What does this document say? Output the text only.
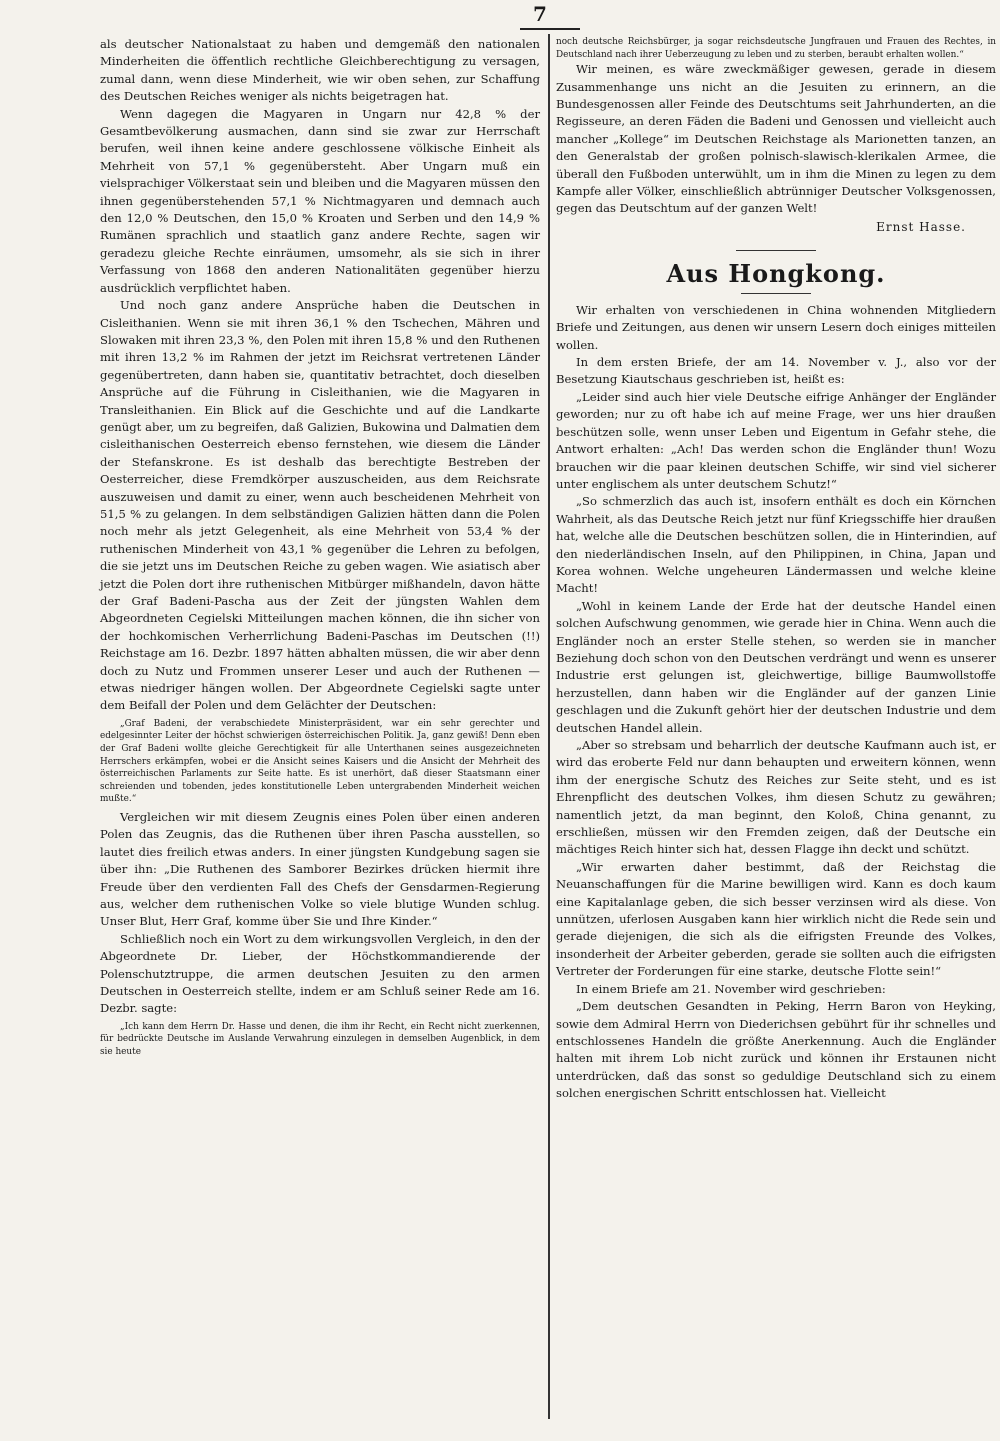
7

als deutscher Nationalstaat zu haben und demgemäß den nationalen Minderheiten die öffentlich rechtliche Gleichberechtigung zu versagen, zumal dann, wenn diese Minderheit, wie wir oben sehen, zur Schaffung des Deutschen Reiches weniger als nichts beigetragen hat.

Wenn dagegen die Magyaren in Ungarn nur 42,8 % der Gesamtbevölkerung ausmachen, dann sind sie zwar zur Herrschaft berufen, weil ihnen keine andere geschlossene völkische Einheit als Mehrheit von 57,1 % gegenübersteht. Aber Ungarn muß ein vielsprachiger Völkerstaat sein und bleiben und die Magyaren müssen den ihnen gegenüberstehenden 57,1 % Nichtmagyaren und demnach auch den 12,0 % Deutschen, den 15,0 % Kroaten und Serben und den 14,9 % Rumänen sprachlich und staatlich ganz andere Rechte, sagen wir geradezu gleiche Rechte einräumen, umsomehr, als sie sich in ihrer Verfassung von 1868 den anderen Nationalitäten gegenüber hierzu ausdrücklich verpflichtet haben.

Und noch ganz andere Ansprüche haben die Deutschen in Cisleithanien. Wenn sie mit ihren 36,1 % den Tschechen, Mähren und Slowaken mit ihren 23,3 %, den Polen mit ihren 15,8 % und den Ruthenen mit ihren 13,2 % im Rahmen der jetzt im Reichsrat vertretenen Länder gegenübertreten, dann haben sie, quantitativ betrachtet, doch dieselben Ansprüche auf die Führung in Cisleithanien, wie die Magyaren in Transleithanien. Ein Blick auf die Geschichte und auf die Landkarte genügt aber, um zu begreifen, daß Galizien, Bukowina und Dalmatien dem cisleithanischen Oesterreich ebenso fernstehen, wie diesem die Länder der Stefanskrone. Es ist deshalb das berechtigte Bestreben der Oesterreicher, diese Fremdkörper auszuscheiden, aus dem Reichsrate auszuweisen und damit zu einer, wenn auch bescheidenen Mehrheit von 51,5 % zu gelangen. In dem selbständigen Galizien hätten dann die Polen noch mehr als jetzt Gelegenheit, als eine Mehrheit von 53,4 % der ruthenischen Minderheit von 43,1 % gegenüber die Lehren zu befolgen, die sie jetzt uns im Deutschen Reiche zu geben wagen. Wie asiatisch aber jetzt die Polen dort ihre ruthenischen Mitbürger mißhandeln, davon hätte der Graf Badeni-Pascha aus der Zeit der jüngsten Wahlen dem Abgeordneten Cegielski Mitteilungen machen können, die ihn sicher von der hochkomischen Verherrlichung Badeni-Paschas im Deutschen (!!) Reichstage am 16. Dezbr. 1897 hätten abhalten müssen, die wir aber denn doch zu Nutz und Frommen unserer Leser und auch der Ruthenen — etwas niedriger hängen wollen. Der Abgeordnete Cegielski sagte unter dem Beifall der Polen und dem Gelächter der Deutschen:

„Graf Badeni, der verabschiedete Ministerpräsident, war ein sehr gerechter und edelgesinnter Leiter der höchst schwierigen österreichischen Politik. Ja, ganz gewiß! Denn eben der Graf Badeni wollte gleiche Gerechtigkeit für alle Unterthanen seines ausgezeichneten Herrschers erkämpfen, wobei er die Ansicht seines Kaisers und die Ansicht der Mehrheit des österreichischen Parlaments zur Seite hatte. Es ist unerhört, daß dieser Staatsmann einer schreienden und tobenden, jedes konstitutionelle Leben untergrabenden Minderheit weichen mußte.“

Vergleichen wir mit diesem Zeugnis eines Polen über einen anderen Polen das Zeugnis, das die Ruthenen über ihren Pascha ausstellen, so lautet dies freilich etwas anders. In einer jüngsten Kundgebung sagen sie über ihn: „Die Ruthenen des Samborer Bezirkes drücken hiermit ihre Freude über den verdienten Fall des Chefs der Gensdarmen-Regierung aus, welcher dem ruthenischen Volke so viele blutige Wunden schlug. Unser Blut, Herr Graf, komme über Sie und Ihre Kinder.“

Schließlich noch ein Wort zu dem wirkungsvollen Vergleich, in den der Abgeordnete Dr. Lieber, der Höchstkommandierende der Polenschutztruppe, die armen deutschen Jesuiten zu den armen Deutschen in Oesterreich stellte, indem er am Schluß seiner Rede am 16. Dezbr. sagte:

„Ich kann dem Herrn Dr. Hasse und denen, die ihm ihr Recht, ein Recht nicht zuerkennen, für bedrückte Deutsche im Auslande Verwahrung einzulegen in demselben Augenblick, in dem sie heute

noch deutsche Reichsbürger, ja sogar reichsdeutsche Jungfrauen und Frauen des Rechtes, in Deutschland nach ihrer Ueberzeugung zu leben und zu sterben, beraubt erhalten wollen.“

Wir meinen, es wäre zweckmäßiger gewesen, gerade in diesem Zusammenhange uns nicht an die Jesuiten zu erinnern, an die Bundesgenossen aller Feinde des Deutschtums seit Jahrhunderten, an die Regisseure, an deren Fäden die Badeni und Genossen und vielleicht auch mancher „Kollege“ im Deutschen Reichstage als Marionetten tanzen, an den Generalstab der großen polnisch-slawisch-klerikalen Armee, die überall den Fußboden unterwühlt, um in ihm die Minen zu legen zu dem Kampfe aller Völker, einschließlich abtrünniger Deutscher Volksgenossen, gegen das Deutschtum auf der ganzen Welt!

Ernst Hasse.

Aus Hongkong.

Wir erhalten von verschiedenen in China wohnenden Mitgliedern Briefe und Zeitungen, aus denen wir unsern Lesern doch einiges mitteilen wollen.

In dem ersten Briefe, der am 14. November v. J., also vor der Besetzung Kiautschaus geschrieben ist, heißt es:

„Leider sind auch hier viele Deutsche eifrige Anhänger der Engländer geworden; nur zu oft habe ich auf meine Frage, wer uns hier draußen beschützen solle, wenn unser Leben und Eigentum in Gefahr stehe, die Antwort erhalten: „Ach! Das werden schon die Engländer thun! Wozu brauchen wir die paar kleinen deutschen Schiffe, wir sind viel sicherer unter englischem als unter deutschem Schutz!“

„So schmerzlich das auch ist, insofern enthält es doch ein Körnchen Wahrheit, als das Deutsche Reich jetzt nur fünf Kriegsschiffe hier draußen hat, welche alle die Deutschen beschützen sollen, die in Hinterindien, auf den niederländischen Inseln, auf den Philippinen, in China, Japan und Korea wohnen. Welche ungeheuren Ländermassen und welche kleine Macht!

„Wohl in keinem Lande der Erde hat der deutsche Handel einen solchen Aufschwung genommen, wie gerade hier in China. Wenn auch die Engländer noch an erster Stelle stehen, so werden sie in mancher Beziehung doch schon von den Deutschen verdrängt und wenn es unserer Industrie erst gelungen ist, gleichwertige, billige Baumwollstoffe herzustellen, dann haben wir die Engländer auf der ganzen Linie geschlagen und die Zukunft gehört hier der deutschen Industrie und dem deutschen Handel allein.

„Aber so strebsam und beharrlich der deutsche Kaufmann auch ist, er wird das eroberte Feld nur dann behaupten und erweitern können, wenn ihm der energische Schutz des Reiches zur Seite steht, und es ist Ehrenpflicht des deutschen Volkes, ihm diesen Schutz zu gewähren; namentlich jetzt, da man beginnt, den Koloß, China genannt, zu erschließen, müssen wir den Fremden zeigen, daß der Deutsche ein mächtiges Reich hinter sich hat, dessen Flagge ihn deckt und schützt.

„Wir erwarten daher bestimmt, daß der Reichstag die Neuanschaffungen für die Marine bewilligen wird. Kann es doch kaum eine Kapitalanlage geben, die sich besser verzinsen wird als diese. Von unnützen, uferlosen Ausgaben kann hier wirklich nicht die Rede sein und gerade diejenigen, die sich als die eifrigsten Freunde des Volkes, insonderheit der Arbeiter geberden, gerade sie sollten auch die eifrigsten Vertreter der Forderungen für eine starke, deutsche Flotte sein!“

In einem Briefe am 21. November wird geschrieben:

„Dem deutschen Gesandten in Peking, Herrn Baron von Heyking, sowie dem Admiral Herrn von Diederichsen gebührt für ihr schnelles und entschlossenes Handeln die größte Anerkennung. Auch die Engländer halten mit ihrem Lob nicht zurück und können ihr Erstaunen nicht unterdrücken, daß das sonst so geduldige Deutschland sich zu einem solchen energischen Schritt entschlossen hat. Vielleicht
